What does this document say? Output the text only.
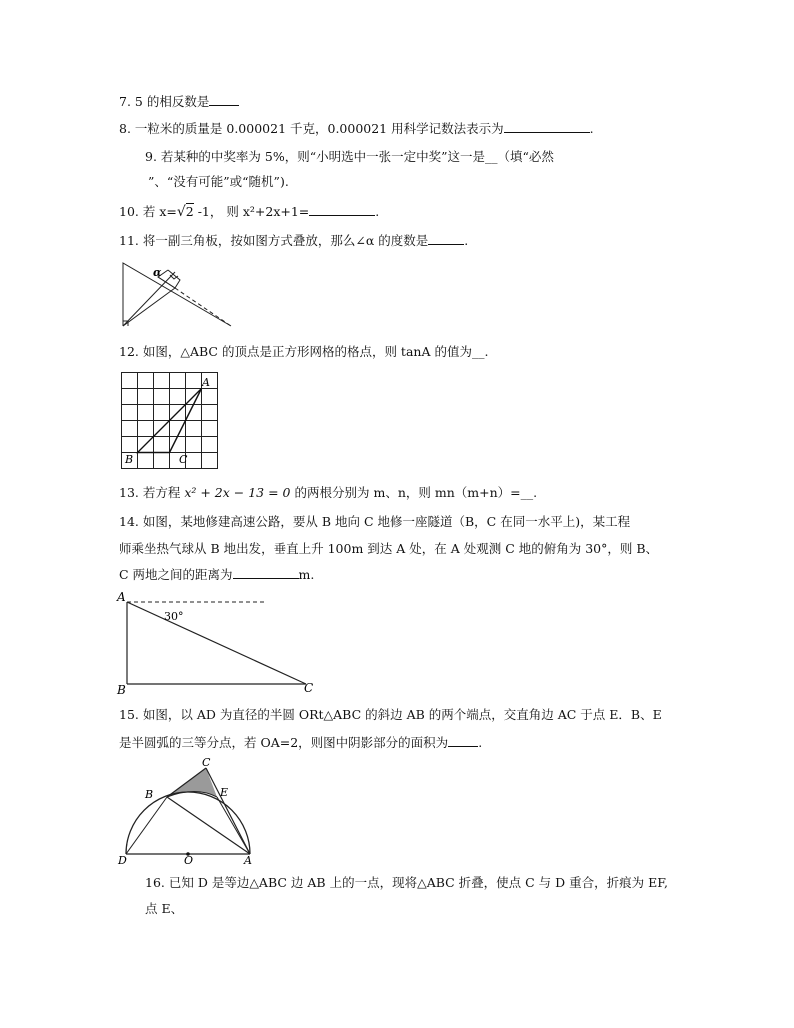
7. 5 的相反数是
8. 一粒米的质量是 0.000021 千克，0.000021 用科学记数法表示为	.
9. 若某种的中奖率为 5%，则“小明选中一张一定中奖”这一是__（填“必然
”、“没有可能”或“随机”).
10. 若 x=√2 -1， 则 x²+2x+1=	.
11. 将一副三角板，按如图方式叠放，那么∠α 的度数是	.
α
12. 如图，△ABC 的顶点是正方形网格的格点，则 tanA 的值为__.
A
B	C
13. 若方程 x² + 2x − 13 = 0 的两根分别为 m、n，则 mn（m+n）=__.
14. 如图，某地修建高速公路，要从 B 地向 C 地修一座隧道（B，C 在同一水平上)，某工程
师乘坐热气球从 B 地出发，垂直上升 100m 到达 A 处，在 A 处观测 C 地的俯角为 30°，则 B、
C 两地之间的距离为	m.
A
B	C
30°
15. 如图，以 AD 为直径的半圆 ORt△ABC 的斜边 AB 的两个端点，交直角边 AC 于点 E．B、E
是半圆弧的三等分点，若 OA=2，则图中阴影部分的面积为 .
C
B	E
D	O	A
16. 已知 D 是等边△ABC 边 AB 上的一点，现将△ABC 折叠，使点 C 与 D 重合，折痕为 EF,
点 E、
